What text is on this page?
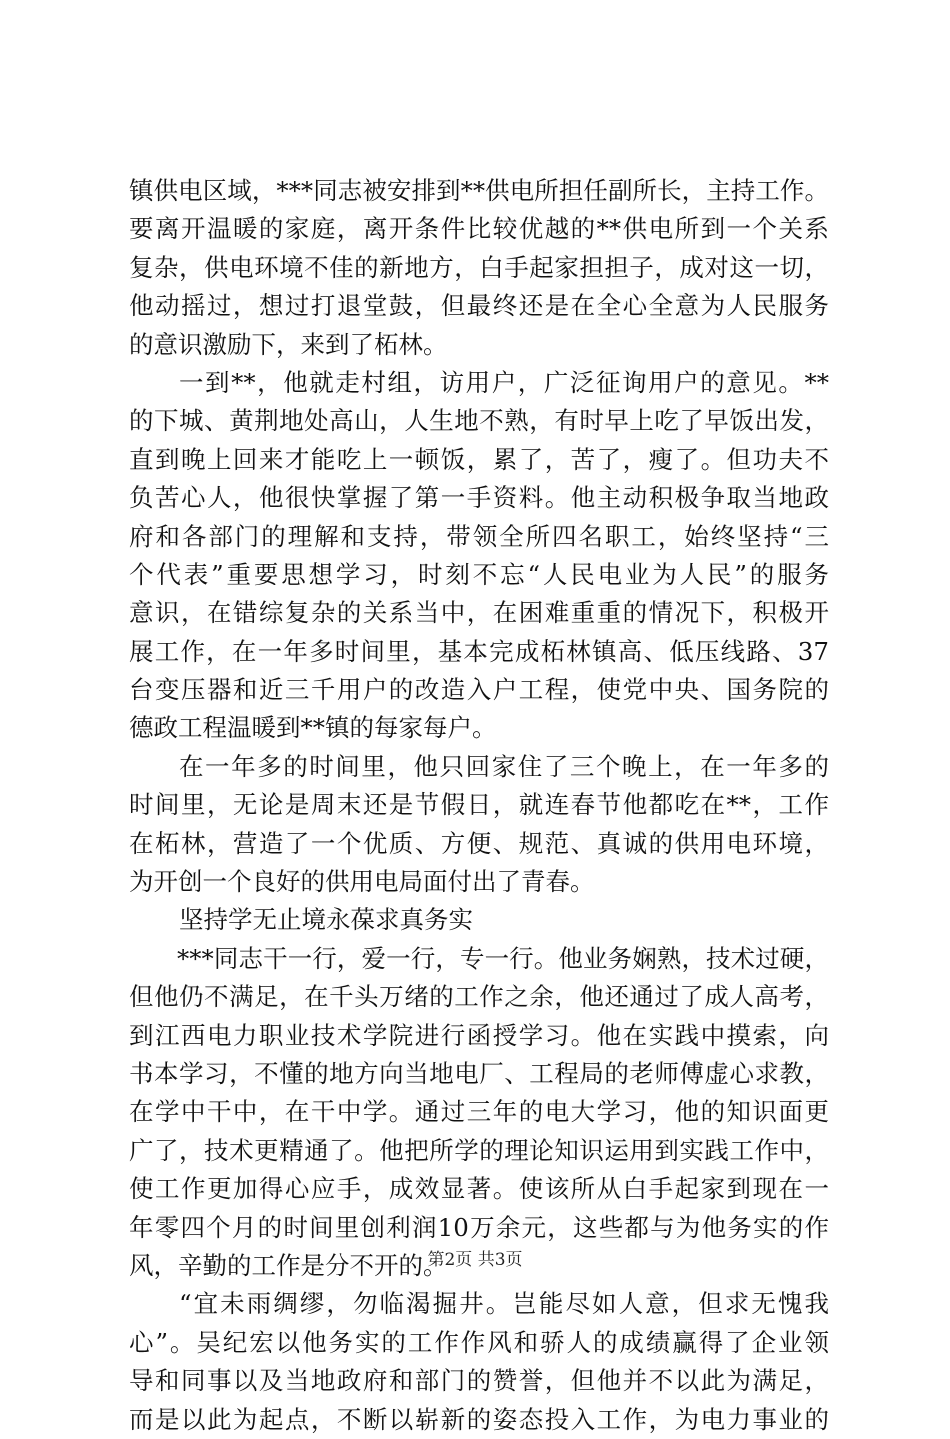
镇供电区域，***同志被安排到**供电所担任副所长，主持工作。
要离开温暖的家庭，离开条件比较优越的**供电所到一个关系
复杂，供电环境不佳的新地方，白手起家担担子，成对这一切，
他动摇过，想过打退堂鼓，但最终还是在全心全意为人民服务
的意识激励下，来到了柘林。
一到**，他就走村组，访用户，广泛征询用户的意见。**
的下城、黄荆地处高山，人生地不熟，有时早上吃了早饭出发，
直到晚上回来才能吃上一顿饭，累了，苦了，瘦了。但功夫不
负苦心人，他很快掌握了第一手资料。他主动积极争取当地政
府和各部门的理解和支持，带领全所四名职工，始终坚持“三
个代表”重要思想学习，时刻不忘“人民电业为人民”的服务
意识，在错综复杂的关系当中，在困难重重的情况下，积极开
展工作，在一年多时间里，基本完成柘林镇高、低压线路、37
台变压器和近三千用户的改造入户工程，使党中央、国务院的
德政工程温暖到**镇的每家每户。
在一年多的时间里，他只回家住了三个晚上，在一年多的
时间里，无论是周末还是节假日，就连春节他都吃在**，工作
在柘林，营造了一个优质、方便、规范、真诚的供用电环境，
为开创一个良好的供用电局面付出了青春。
坚持学无止境永葆求真务实
***同志干一行，爱一行，专一行。他业务娴熟，技术过硬，
但他仍不满足，在千头万绪的工作之余，他还通过了成人高考，
到江西电力职业技术学院进行函授学习。他在实践中摸索，向
书本学习，不懂的地方向当地电厂、工程局的老师傅虚心求教，
在学中干中，在干中学。通过三年的电大学习，他的知识面更
广了，技术更精通了。他把所学的理论知识运用到实践工作中，
使工作更加得心应手，成效显著。使该所从白手起家到现在一
年零四个月的时间里创利润10万余元，这些都与为他务实的作
风，辛勤的工作是分不开的。
“宜未雨绸缪，勿临渴掘井。岂能尽如人意，但求无愧我
心”。吴纪宏以他务实的工作作风和骄人的成绩赢得了企业领
导和同事以及当地政府和部门的赞誉，但他并不以此为满足，
而是以此为起点，不断以崭新的姿态投入工作，为电力事业的
第2页 共3页
